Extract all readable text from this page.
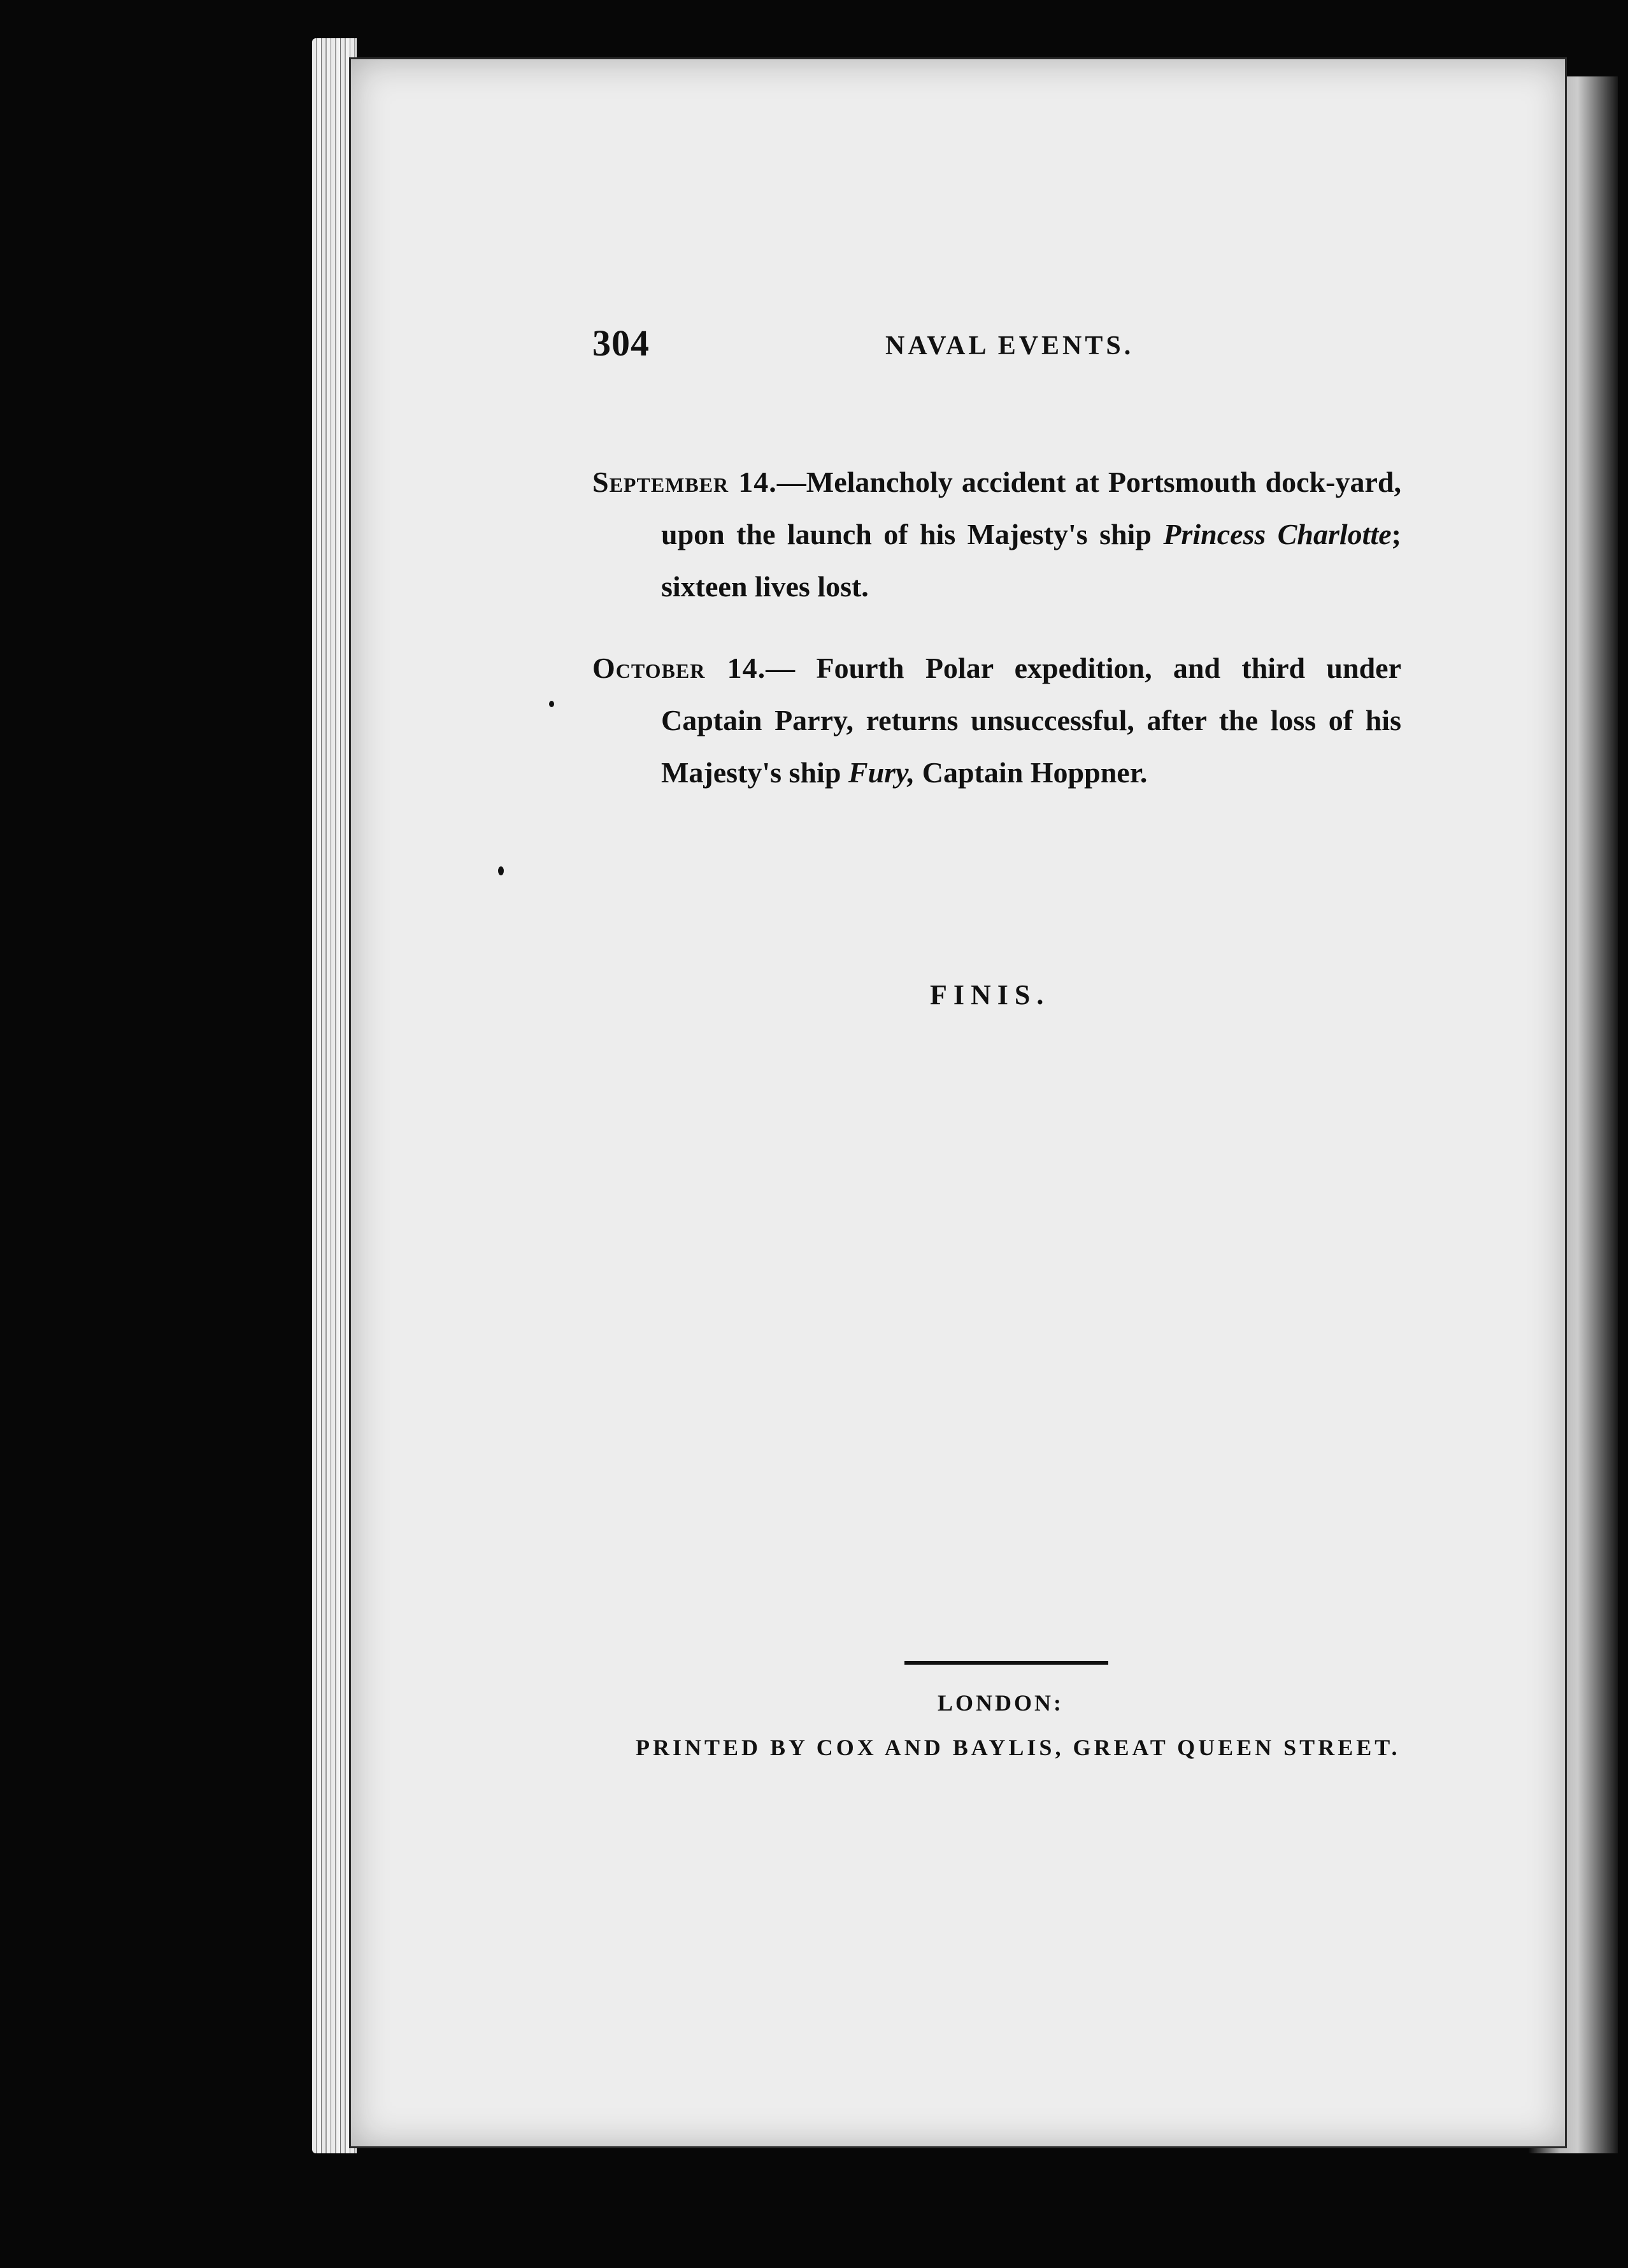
304	NAVAL EVENTS.

September 14.—Melancholy accident at Portsmouth dock-yard, upon the launch of his Majesty's ship Princess Charlotte; sixteen lives lost.

October 14.— Fourth Polar expedition, and third under Captain Parry, returns unsuccessful, after the loss of his Majesty's ship Fury, Captain Hoppner.

FINIS.
LONDON:
PRINTED BY COX AND BAYLIS, GREAT QUEEN STREET.
